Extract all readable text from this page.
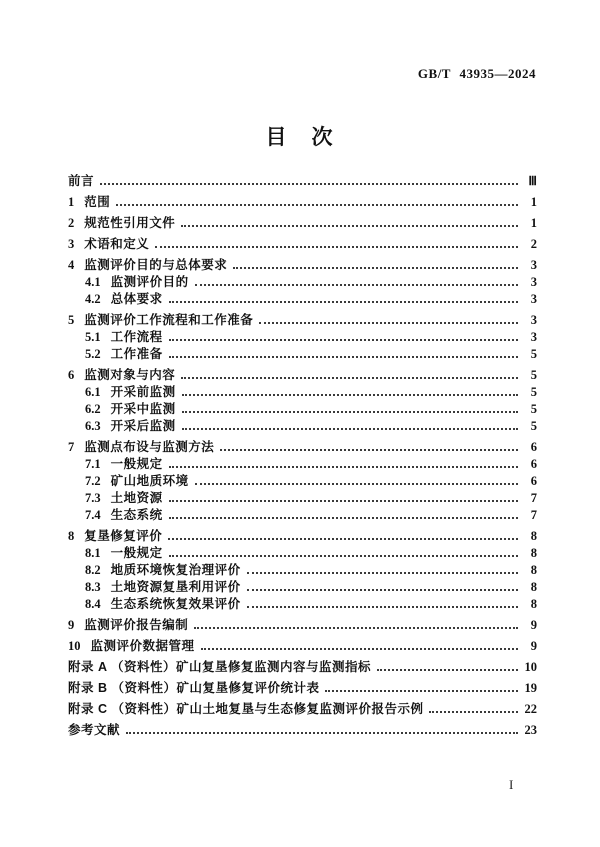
GB/T 43935—2024
目　次
前言	Ⅲ
1 范围	1
2 规范性引用文件	1
3 术语和定义	2
4 监测评价目的与总体要求	3
4.1 监测评价目的	3
4.2 总体要求	3
5 监测评价工作流程和工作准备	3
5.1 工作流程	3
5.2 工作准备	5
6 监测对象与内容	5
6.1 开采前监测	5
6.2 开采中监测	5
6.3 开采后监测	5
7 监测点布设与监测方法	6
7.1 一般规定	6
7.2 矿山地质环境	6
7.3 土地资源	7
7.4 生态系统	7
8 复垦修复评价	8
8.1 一般规定	8
8.2 地质环境恢复治理评价	8
8.3 土地资源复垦利用评价	8
8.4 生态系统恢复效果评价	8
9 监测评价报告编制	9
10 监测评价数据管理	9
附录 A （资料性）矿山复垦修复监测内容与监测指标	10
附录 B （资料性）矿山复垦修复评价统计表	19
附录 C （资料性）矿山土地复垦与生态修复监测评价报告示例	22
参考文献	23
I
